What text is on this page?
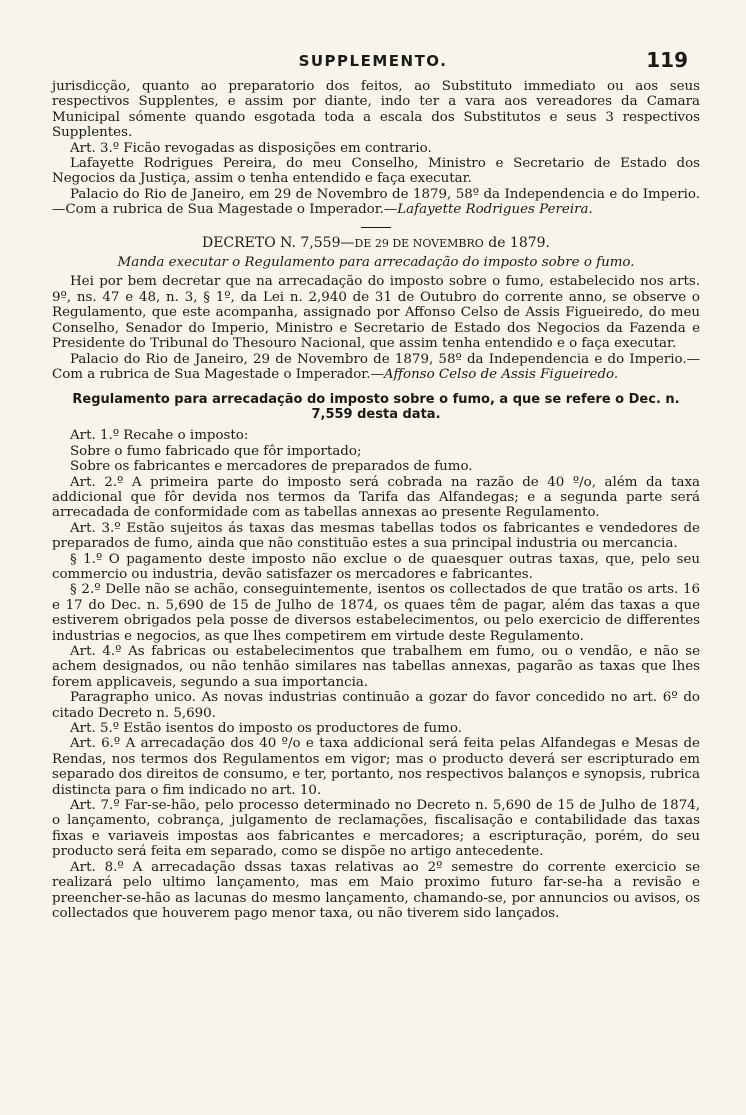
SUPPLEMENTO.	119

jurisdicção, quanto ao preparatorio dos feitos, ao Substituto immediato ou aos seus respectivos Supplentes, e assim por diante, indo ter a vara aos vereadores da Camara Municipal sómente quando esgotada toda a escala dos Substitutos e seus 3 respectivos Supplentes.

Art. 3.º Ficão revogadas as disposições em contrario.

Lafayette Rodrigues Pereira, do meu Conselho, Ministro e Secretario de Estado dos Negocios da Justiça, assim o tenha entendido e faça executar.

Palacio do Rio de Janeiro, em 29 de Novembro de 1879, 58º da Independencia e do Imperio.—Com a rubrica de Sua Magestade o Imperador.—Lafayette Rodrigues Pereira.

DECRETO N. 7,559—DE 29 DE NOVEMBRO de 1879.

Manda executar o Regulamento para arrecadação do imposto sobre o fumo.

Hei por bem decretar que na arrecadação do imposto sobre o fumo, estabelecido nos arts. 9º, ns. 47 e 48, n. 3, § 1º, da Lei n. 2,940 de 31 de Outubro do corrente anno, se observe o Regulamento, que este acompanha, assignado por Affonso Celso de Assis Figueiredo, do meu Conselho, Senador do Imperio, Ministro e Secretario de Estado dos Negocios da Fazenda e Presidente do Tribunal do Thesouro Nacional, que assim tenha entendido e o faça executar.

Palacio do Rio de Janeiro, 29 de Novembro de 1879, 58º da Independencia e do Imperio.—Com a rubrica de Sua Magestade o Imperador.—Affonso Celso de Assis Figueiredo.

Regulamento para arrecadação do imposto sobre o fumo, a que se refere o Dec. n. 7,559 desta data.

Art. 1.º Recahe o imposto:

Sobre o fumo fabricado que fôr importado;

Sobre os fabricantes e mercadores de preparados de fumo.

Art. 2.º A primeira parte do imposto será cobrada na razão de 40 º/o, além da taxa addicional que fôr devida nos termos da Tarifa das Alfandegas; e a segunda parte será arrecadada de conformidade com as tabellas annexas ao presente Regulamento.

Art. 3.º Estão sujeitos ás taxas das mesmas tabellas todos os fabricantes e vendedores de preparados de fumo, ainda que não constituão estes a sua principal industria ou mercancia.

§ 1.º O pagamento deste imposto não exclue o de quaesquer outras taxas, que, pelo seu commercio ou industria, devão satisfazer os mercadores e fabricantes.

§ 2.º Delle não se achão, conseguintemente, isentos os collectados de que tratão os arts. 16 e 17 do Dec. n. 5,690 de 15 de Julho de 1874, os quaes têm de pagar, além das taxas a que estiverem obrigados pela posse de diversos estabelecimentos, ou pelo exercicio de differentes industrias e negocios, as que lhes competirem em virtude deste Regulamento.

Art. 4.º As fabricas ou estabelecimentos que trabalhem em fumo, ou o vendão, e não se achem designados, ou não tenhão similares nas tabellas annexas, pagarão as taxas que lhes forem applicaveis, segundo a sua importancia.

Paragrapho unico. As novas industrias continuão a gozar do favor concedido no art. 6º do citado Decreto n. 5,690.

Art. 5.º Estão isentos do imposto os productores de fumo.

Art. 6.º A arrecadação dos 40 º/o e taxa addicional será feita pelas Alfandegas e Mesas de Rendas, nos termos dos Regulamentos em vigor; mas o producto deverá ser escripturado em separado dos direitos de consumo, e ter, portanto, nos respectivos balanços e synopsis, rubrica distincta para o fim indicado no art. 10.

Art. 7.º Far-se-hão, pelo processo determinado no Decreto n. 5,690 de 15 de Julho de 1874, o lançamento, cobrança, julgamento de reclamações, fiscalisação e contabilidade das taxas fixas e variaveis impostas aos fabricantes e mercadores; a escripturação, porém, do seu producto será feita em separado, como se dispõe no artigo antecedente.

Art. 8.º A arrecadação dssas taxas relativas ao 2º semestre do corrente exercicio se realizará pelo ultimo lançamento, mas em Maio proximo futuro far-se-ha a revisão e preencher-se-hão as lacunas do mesmo lançamento, chamando-se, por annuncios ou avisos, os collectados que houverem pago menor taxa, ou não tiverem sido lançados.
